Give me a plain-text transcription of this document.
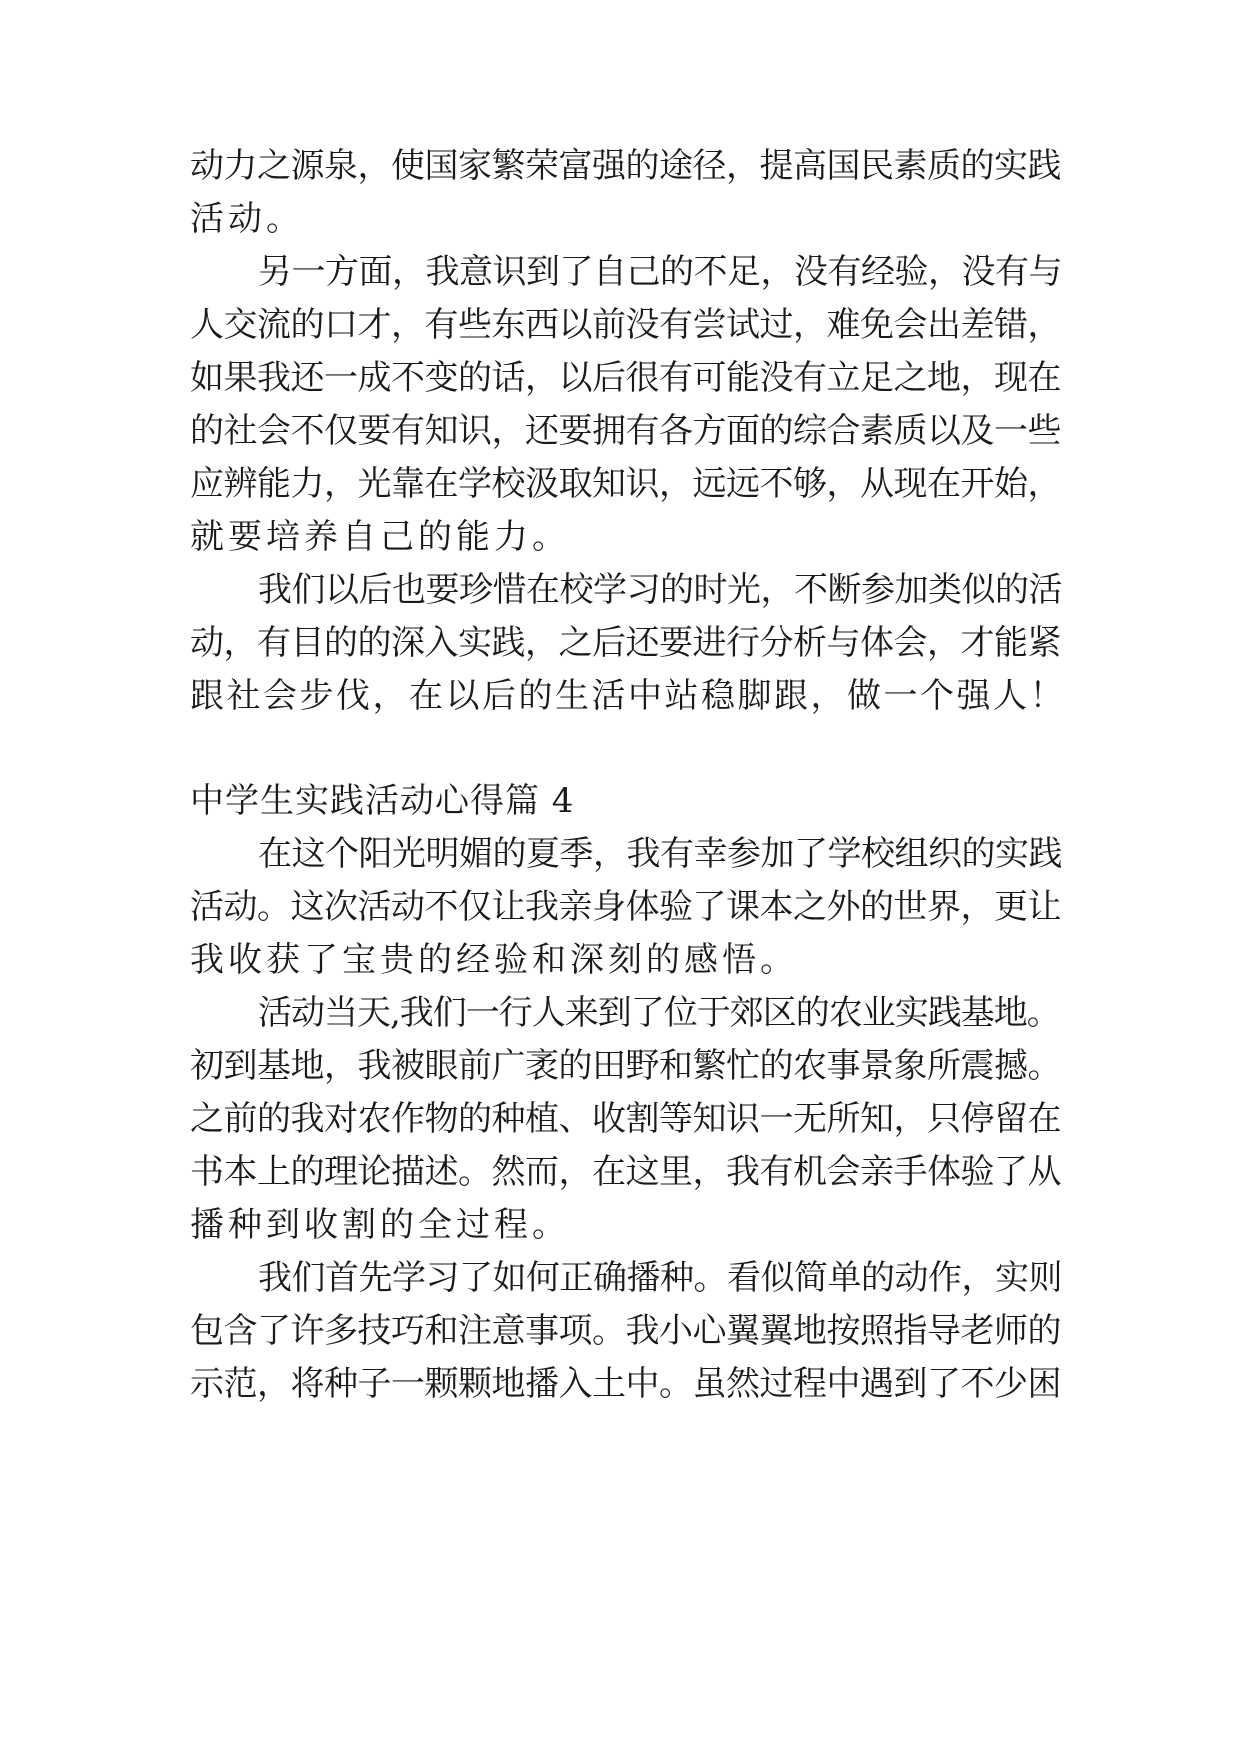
动力之源泉，使国家繁荣富强的途径，提高国民素质的实践
活动。
另一方面，我意识到了自己的不足，没有经验，没有与
人交流的口才，有些东西以前没有尝试过，难免会出差错，
如果我还一成不变的话，以后很有可能没有立足之地，现在
的社会不仅要有知识，还要拥有各方面的综合素质以及一些
应辨能力，光靠在学校汲取知识，远远不够，从现在开始，
就要培养自己的能力。
我们以后也要珍惜在校学习的时光，不断参加类似的活
动，有目的的深入实践，之后还要进行分析与体会，才能紧
跟社会步伐，在以后的生活中站稳脚跟，做一个强人！
中学生实践活动心得篇 4
在这个阳光明媚的夏季，我有幸参加了学校组织的实践
活动。这次活动不仅让我亲身体验了课本之外的世界，更让
我收获了宝贵的经验和深刻的感悟。
活动当天,我们一行人来到了位于郊区的农业实践基地。
初到基地，我被眼前广袤的田野和繁忙的农事景象所震撼。
之前的我对农作物的种植、收割等知识一无所知，只停留在
书本上的理论描述。然而，在这里，我有机会亲手体验了从
播种到收割的全过程。
我们首先学习了如何正确播种。看似简单的动作，实则
包含了许多技巧和注意事项。我小心翼翼地按照指导老师的
示范，将种子一颗颗地播入土中。虽然过程中遇到了不少困
